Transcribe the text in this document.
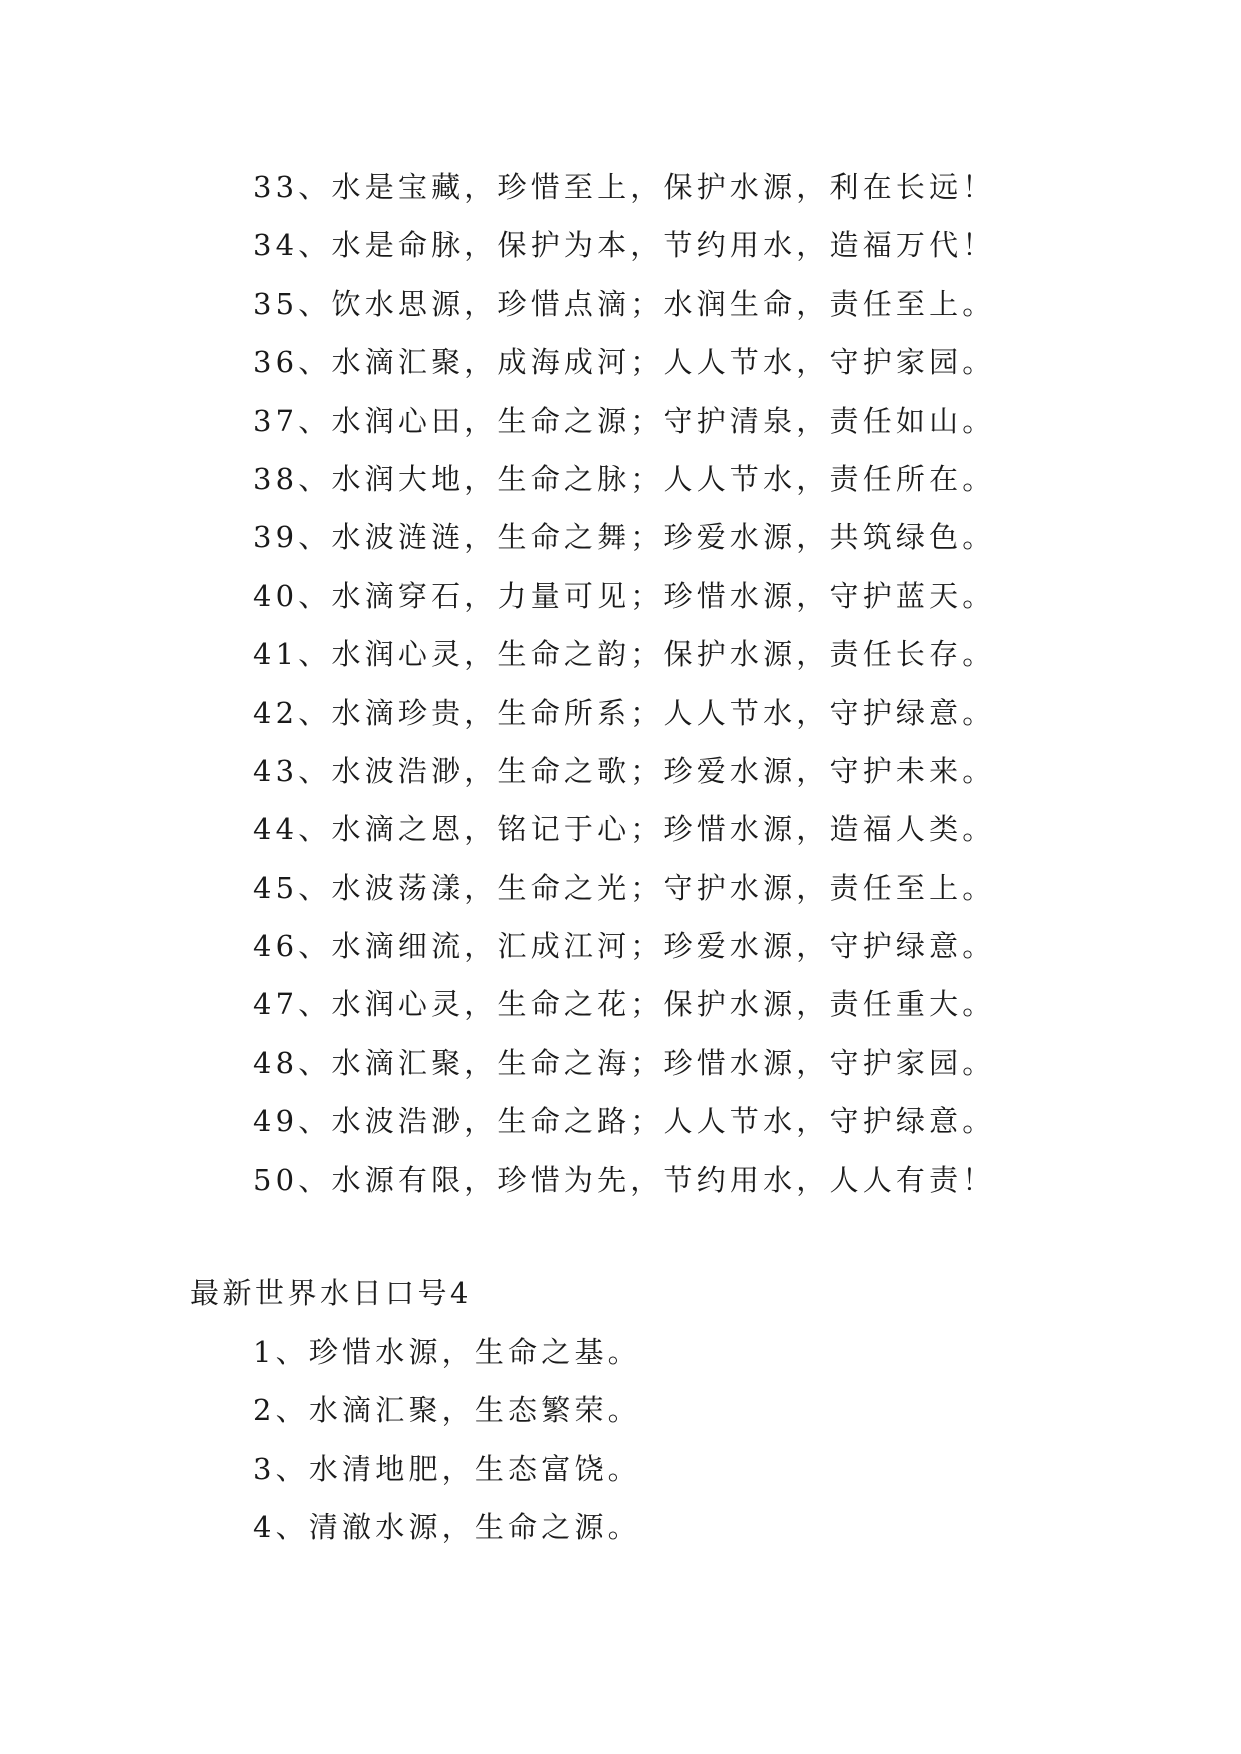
33、水是宝藏，珍惜至上，保护水源，利在长远！
34、水是命脉，保护为本，节约用水，造福万代！
35、饮水思源，珍惜点滴；水润生命，责任至上。
36、水滴汇聚，成海成河；人人节水，守护家园。
37、水润心田，生命之源；守护清泉，责任如山。
38、水润大地，生命之脉；人人节水，责任所在。
39、水波涟涟，生命之舞；珍爱水源，共筑绿色。
40、水滴穿石，力量可见；珍惜水源，守护蓝天。
41、水润心灵，生命之韵；保护水源，责任长存。
42、水滴珍贵，生命所系；人人节水，守护绿意。
43、水波浩渺，生命之歌；珍爱水源，守护未来。
44、水滴之恩，铭记于心；珍惜水源，造福人类。
45、水波荡漾，生命之光；守护水源，责任至上。
46、水滴细流，汇成江河；珍爱水源，守护绿意。
47、水润心灵，生命之花；保护水源，责任重大。
48、水滴汇聚，生命之海；珍惜水源，守护家园。
49、水波浩渺，生命之路；人人节水，守护绿意。
50、水源有限，珍惜为先，节约用水，人人有责！
最新世界水日口号4
1、珍惜水源，生命之基。
2、水滴汇聚，生态繁荣。
3、水清地肥，生态富饶。
4、清澈水源，生命之源。
